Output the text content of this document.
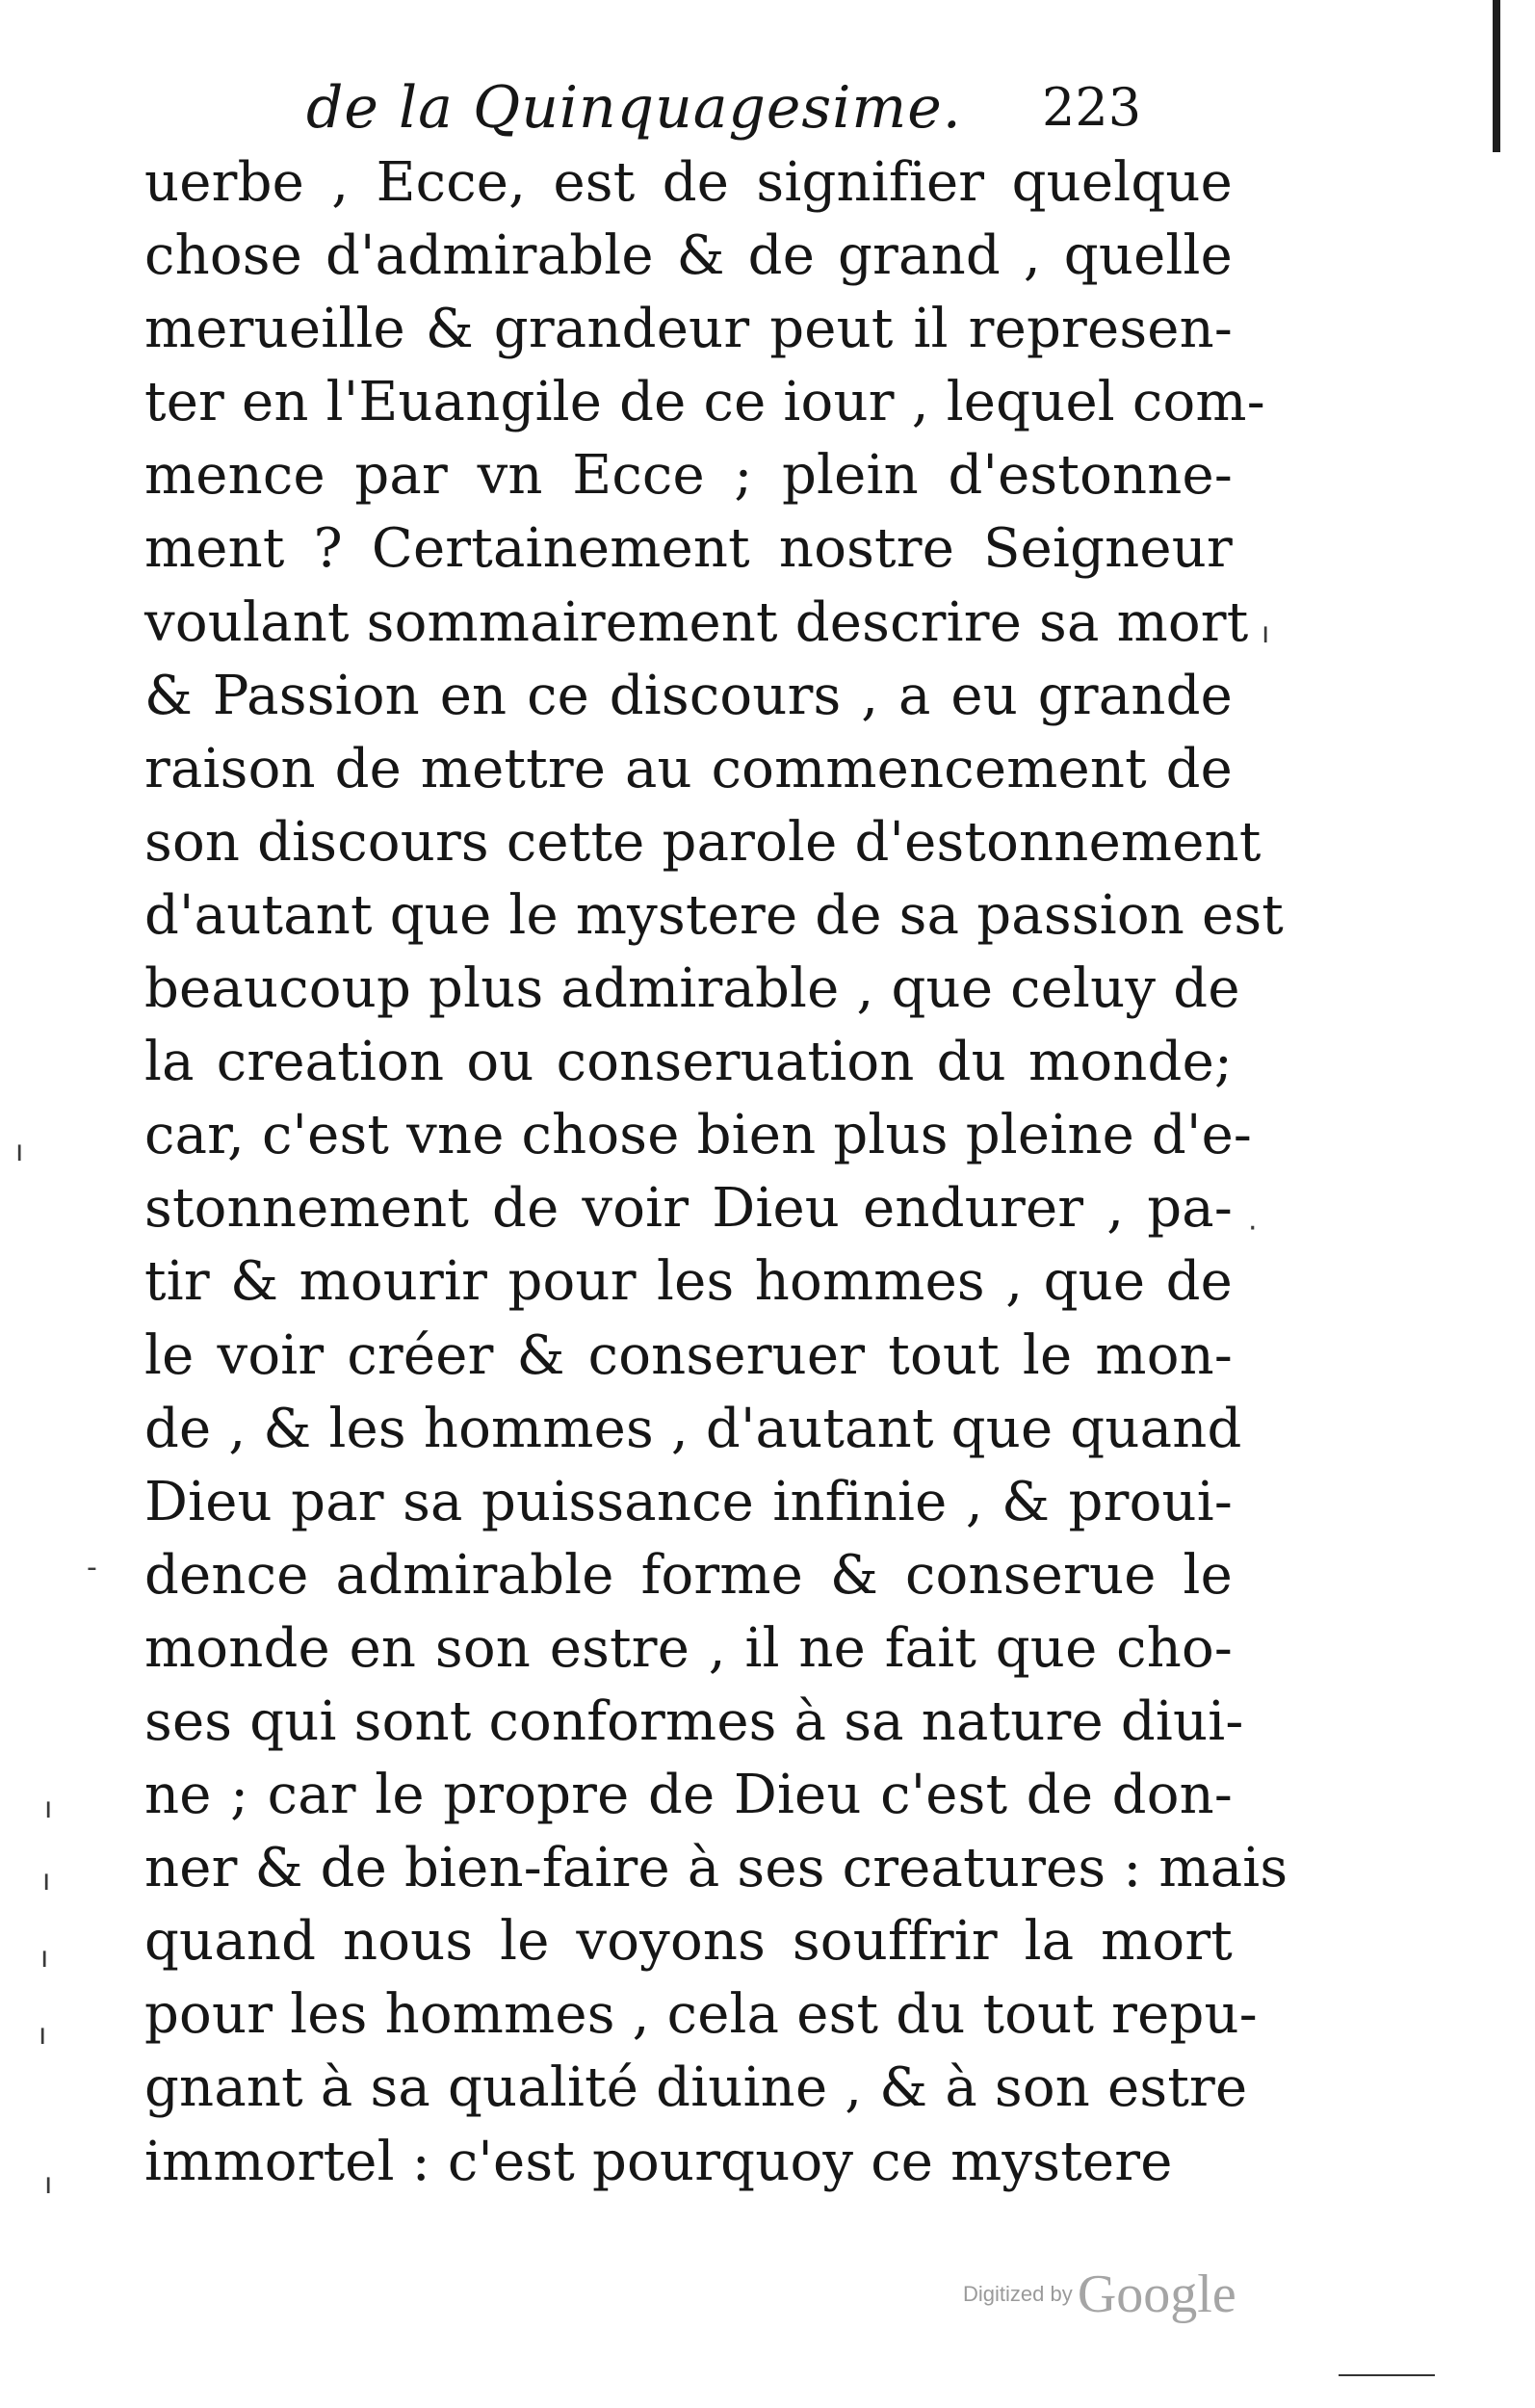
de la Quinquagesime. 223
uerbe , Ecce, est de signifier quelque
chose d'admirable & de grand , quelle
merueille & grandeur peut il represen-
ter en l'Euangile de ce iour , lequel com-
mence par vn Ecce ; plein d'estonne-
ment ? Certainement nostre Seigneur
voulant sommairement descrire sa mort
& Passion en ce discours , a eu grande
raison de mettre au commencement de
son discours cette parole d'estonnement
d'autant que le mystere de sa passion est
beaucoup plus admirable , que celuy de
la creation ou conseruation du monde;
car, c'est vne chose bien plus pleine d'e-
stonnement de voir Dieu endurer , pa-
tir & mourir pour les hommes , que de
le voir créer & conseruer tout le mon-
de , & les hommes , d'autant que quand
Dieu par sa puissance infinie , & proui-
dence admirable forme & conserue le
monde en son estre , il ne fait que cho-
ses qui sont conformes à sa nature diui-
ne ; car le propre de Dieu c'est de don-
ner & de bien-faire à ses creatures : mais
quand nous le voyons souffrir la mort
pour les hommes , cela est du tout repu-
gnant à sa qualité diuine , & à son estre
immortel : c'est pourquoy ce mystere
ı
-
ı
ı
ı
ı
ı
ı
·
Digitized by Google
